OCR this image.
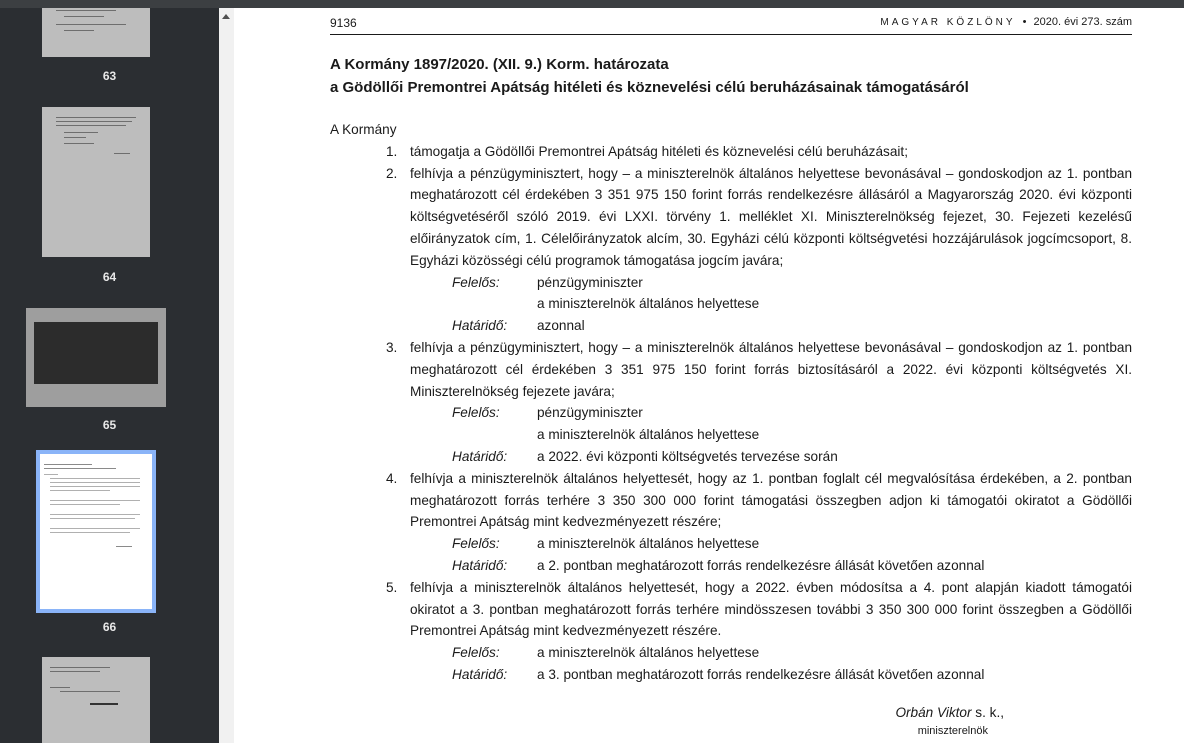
63
64
65
66
9136	MAGYAR KÖZLÖNY • 2020. évi 273. szám
A Kormány 1897/2020. (XII. 9.) Korm. határozata
a Gödöllői Premontrei Apátság hitéleti és köznevelési célú beruházásainak támogatásáról
A Kormány
1. támogatja a Gödöllői Premontrei Apátság hitéleti és köznevelési célú beruházásait;
2. felhívja a pénzügyminisztert, hogy – a miniszterelnök általános helyettese bevonásával – gondoskodjon az 1. pontban meghatározott cél érdekében 3 351 975 150 forint forrás rendelkezésre állásáról a Magyarország 2020. évi központi költségvetéséről szóló 2019. évi LXXI. törvény 1. melléklet XI. Miniszterelnökség fejezet, 30. Fejezeti kezelésű előirányzatok cím, 1. Célelőirányzatok alcím, 30. Egyházi célú központi költségvetési hozzájárulások jogcímcsoport, 8. Egyházi közösségi célú programok támogatása jogcím javára;
Felelős:	pénzügyminiszter
a miniszterelnök általános helyettese
Határidő: azonnal
3. felhívja a pénzügyminisztert, hogy – a miniszterelnök általános helyettese bevonásával – gondoskodjon az 1. pontban meghatározott cél érdekében 3 351 975 150 forint forrás biztosításáról a 2022. évi központi költségvetés XI. Miniszterelnökség fejezete javára;
Felelős:	pénzügyminiszter
a miniszterelnök általános helyettese
Határidő: a 2022. évi központi költségvetés tervezése során
4. felhívja a miniszterelnök általános helyettesét, hogy az 1. pontban foglalt cél megvalósítása érdekében, a 2. pontban meghatározott forrás terhére 3 350 300 000 forint támogatási összegben adjon ki támogatói okiratot a Gödöllői Premontrei Apátság mint kedvezményezett részére;
Felelős:	a miniszterelnök általános helyettese
Határidő: a 2. pontban meghatározott forrás rendelkezésre állását követően azonnal
5. felhívja a miniszterelnök általános helyettesét, hogy a 2022. évben módosítsa a 4. pont alapján kiadott támogatói okiratot a 3. pontban meghatározott forrás terhére mindösszesen további 3 350 300 000 forint összegben a Gödöllői Premontrei Apátság mint kedvezményezett részére.
Felelős:	a miniszterelnök általános helyettese
Határidő: a 3. pontban meghatározott forrás rendelkezésre állását követően azonnal
Orbán Viktor s. k.,
miniszterelnök
